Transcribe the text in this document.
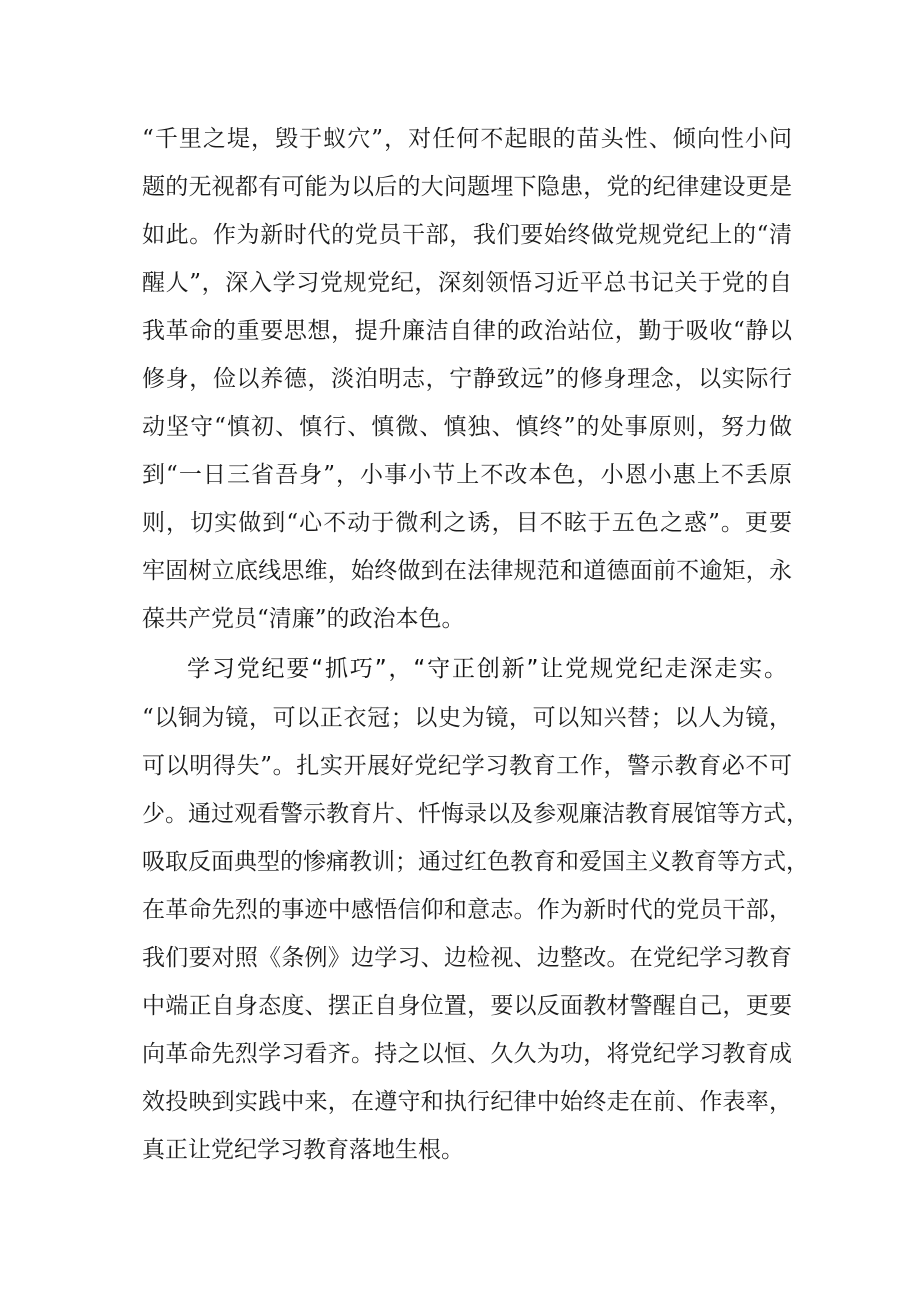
“千里之堤，毁于蚁穴”，对任何不起眼的苗头性、倾向性小问

题的无视都有可能为以后的大问题埋下隐患，党的纪律建设更是

如此。作为新时代的党员干部，我们要始终做党规党纪上的“清

醒人”，深入学习党规党纪，深刻领悟习近平总书记关于党的自

我革命的重要思想，提升廉洁自律的政治站位，勤于吸收“静以

修身，俭以养德，淡泊明志，宁静致远”的修身理念，以实际行

动坚守“慎初、慎行、慎微、慎独、慎终”的处事原则，努力做

到“一日三省吾身”，小事小节上不改本色，小恩小惠上不丢原

则，切实做到“心不动于微利之诱，目不眩于五色之惑”。更要

牢固树立底线思维，始终做到在法律规范和道德面前不逾矩，永

葆共产党员“清廉”的政治本色。

学习党纪要“抓巧”，“守正创新”让党规党纪走深走实。

“以铜为镜，可以正衣冠；以史为镜，可以知兴替；以人为镜，

可以明得失”。扎实开展好党纪学习教育工作，警示教育必不可

少。通过观看警示教育片、忏悔录以及参观廉洁教育展馆等方式，

吸取反面典型的惨痛教训；通过红色教育和爱国主义教育等方式，

在革命先烈的事迹中感悟信仰和意志。作为新时代的党员干部，

我们要对照《条例》边学习、边检视、边整改。在党纪学习教育

中端正自身态度、摆正自身位置，要以反面教材警醒自己，更要

向革命先烈学习看齐。持之以恒、久久为功，将党纪学习教育成

效投映到实践中来，在遵守和执行纪律中始终走在前、作表率，

真正让党纪学习教育落地生根。
